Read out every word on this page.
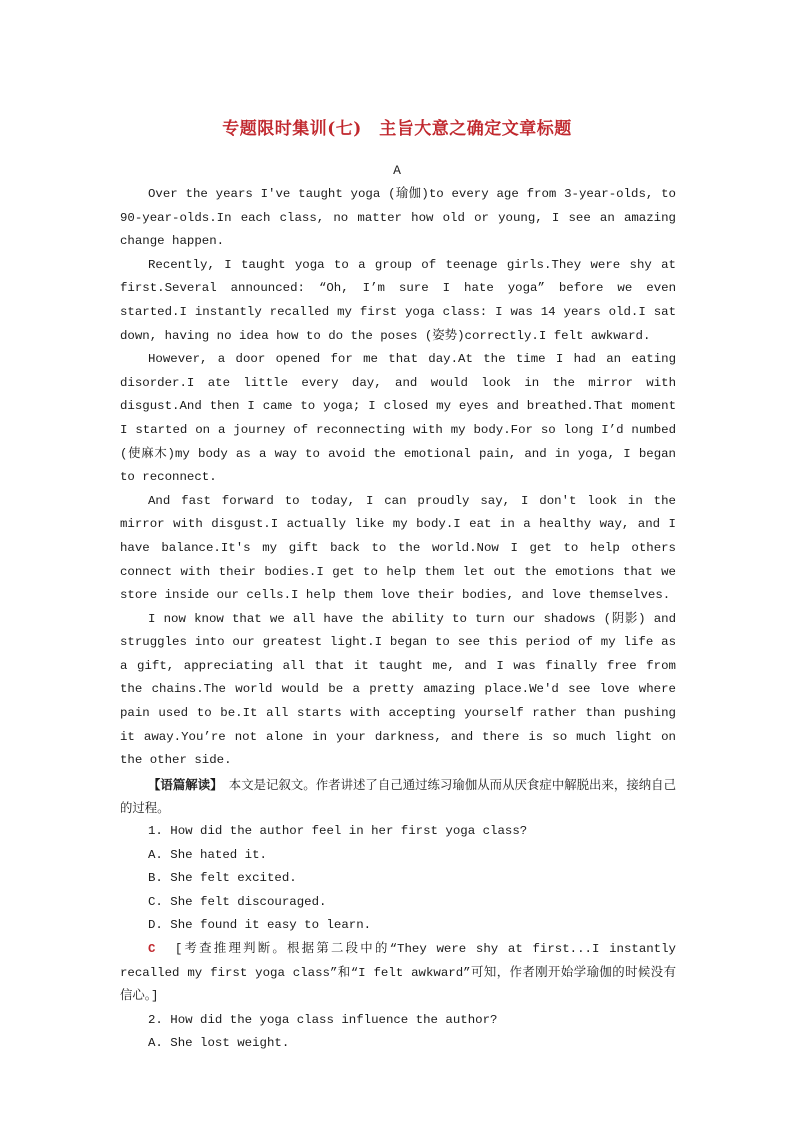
专题限时集训(七)　主旨大意之确定文章标题
A

Over the years I've taught yoga (瑜伽)to every age from 3-year-olds, to 90-year-olds.In each class, no matter how old or young, I see an amazing change happen.

Recently, I taught yoga to a group of teenage girls.They were shy at first.Several announced: “Oh, I’m sure I hate yoga” before we even started.I instantly recalled my first yoga class: I was 14 years old.I sat down, having no idea how to do the poses (姿势)correctly.I felt awkward.

However, a door opened for me that day.At the time I had an eating disorder.I ate little every day, and would look in the mirror with disgust.And then I came to yoga; I closed my eyes and breathed.That moment I started on a journey of reconnecting with my body.For so long I’d numbed (使麻木)my body as a way to avoid the emotional pain, and in yoga, I began to reconnect.

And fast forward to today, I can proudly say, I don't look in the mirror with disgust.I actually like my body.I eat in a healthy way, and I have balance.It's my gift back to the world.Now I get to help others connect with their bodies.I get to help them let out the emotions that we store inside our cells.I help them love their bodies, and love themselves.

I now know that we all have the ability to turn our shadows (阴影) and struggles into our greatest light.I began to see this period of my life as a gift, appreciating all that it taught me, and I was finally free from the chains.The world would be a pretty amazing place.We'd see love where pain used to be.It all starts with accepting yourself rather than pushing it away.You’re not alone in your darkness, and there is so much light on the other side.

【语篇解读】　本文是记叙文。作者讲述了自己通过练习瑜伽从而从厌食症中解脱出来，接纳自己的过程。

1. How did the author feel in her first yoga class?

A. She hated it.

B. She felt excited.

C. She felt discouraged.

D. She found it easy to learn.

C [考查推理判断。根据第二段中的“They were shy at first...I instantly recalled my first yoga class”和“I felt awkward”可知，作者刚开始学瑜伽的时候没有信心。]

2. How did the yoga class influence the author?

A. She lost weight.
